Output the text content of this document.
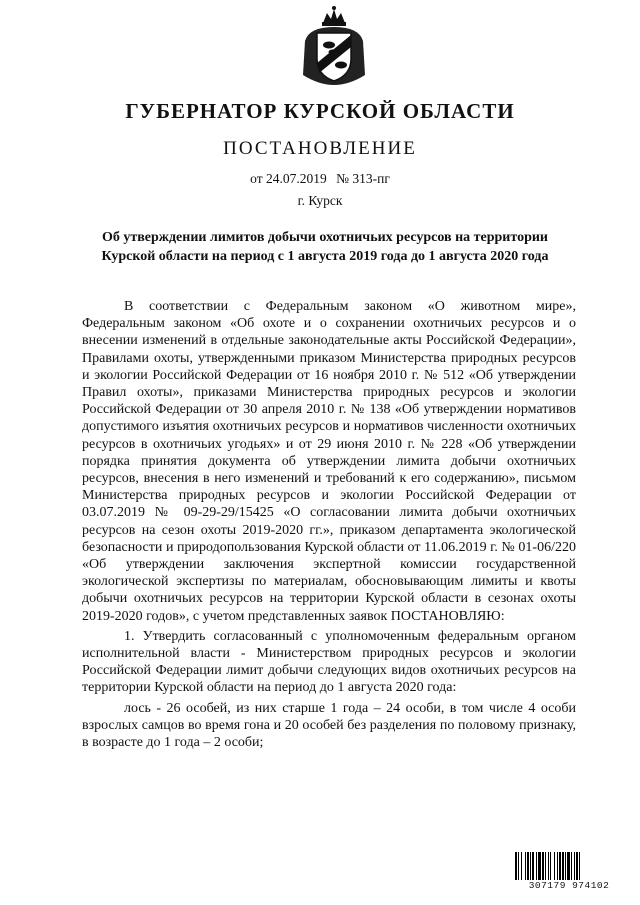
ГУБЕРНАТОР КУРСКОЙ ОБЛАСТИ
ПОСТАНОВЛЕНИЕ
от 24.07.2019 № 313-пг
г. Курск
Об утверждении лимитов добычи охотничьих ресурсов на территории
Курской области на период с 1 августа 2019 года до 1 августа 2020 года

В соответствии с Федеральным законом «О животном мире», Федеральным законом «Об охоте и о сохранении охотничьих ресурсов и о внесении изменений в отдельные законодательные акты Российской Федерации», Правилами охоты, утвержденными приказом Министерства природных ресурсов и экологии Российской Федерации от 16 ноября 2010 г. № 512 «Об утверждении Правил охоты», приказами Министерства природных ресурсов и экологии Российской Федерации от 30 апреля 2010 г. № 138 «Об утверждении нормативов допустимого изъятия охотничьих ресурсов и нормативов численности охотничьих ресурсов в охотничьих угодьях» и от 29 июня 2010 г. № 228 «Об утверждении порядка принятия документа об утверждении лимита добычи охотничьих ресурсов, внесения в него изменений и требований к его содержанию», письмом Министерства природных ресурсов и экологии Российской Федерации от 03.07.2019 № 09-29-29/15425 «О согласовании лимита добычи охотничьих ресурсов на сезон охоты 2019-2020 гг.», приказом департамента экологической безопасности и природопользования Курской области от 11.06.2019 г. № 01-06/220 «Об утверждении заключения экспертной комиссии государственной экологической экспертизы по материалам, обосновывающим лимиты и квоты добычи охотничьих ресурсов на территории Курской области в сезонах охоты 2019-2020 годов», с учетом представленных заявок ПОСТАНОВЛЯЮ:

1. Утвердить согласованный с уполномоченным федеральным органом исполнительной власти - Министерством природных ресурсов и экологии Российской Федерации лимит добычи следующих видов охотничьих ресурсов на территории Курской области на период до 1 августа 2020 года:

лось - 26 особей, из них старше 1 года – 24 особи, в том числе 4 особи взрослых самцов во время гона и 20 особей без разделения по половому признаку, в возрасте до 1 года – 2 особи;

307179 974102
